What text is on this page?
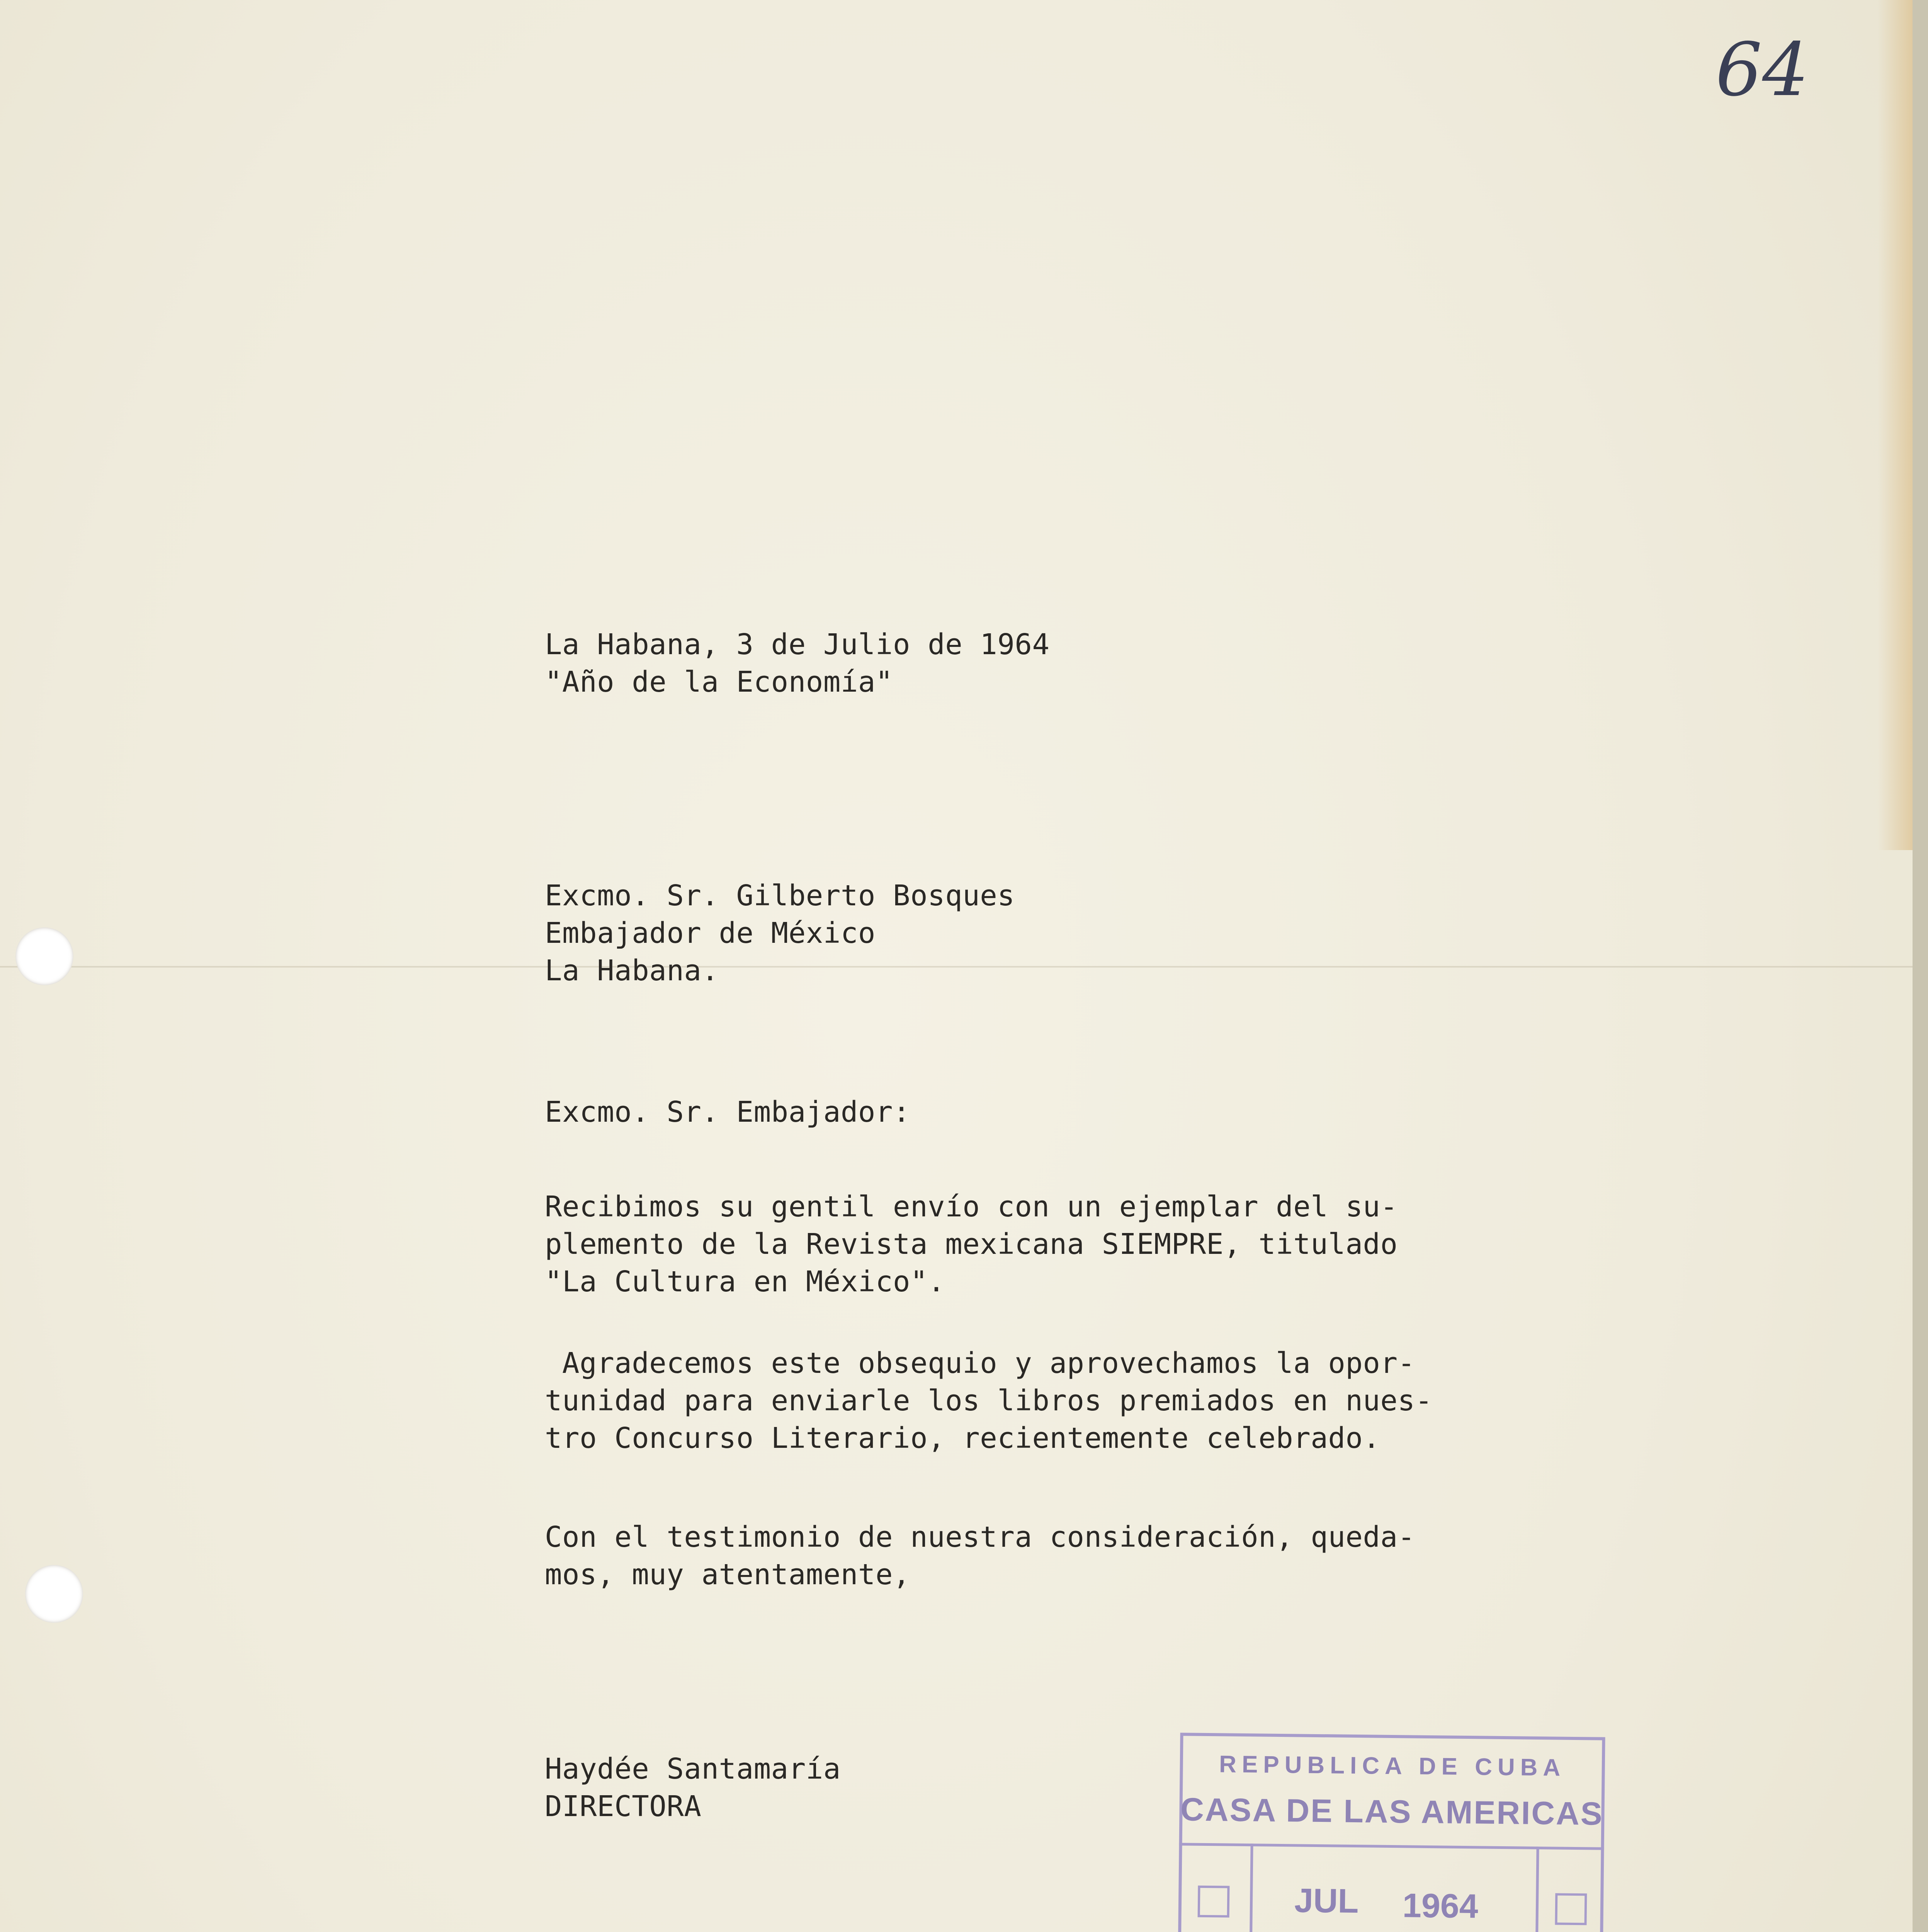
64
La Habana, 3 de Julio de 1964
"Año de la Economía"
Excmo. Sr. Gilberto Bosques
Embajador de México
La Habana.
Excmo. Sr. Embajador:
Recibimos su gentil envío con un ejemplar del su-
plemento de la Revista mexicana SIEMPRE, titulado
"La Cultura en México".
Agradecemos este obsequio y aprovechamos la opor-
tunidad para enviarle los libros premiados en nues-
tro Concurso Literario, recientemente celebrado.
Con el testimonio de nuestra consideración, queda-
mos, muy atentamente,
Haydée Santamaría
DIRECTORA
REPUBLICA DE CUBA
CASA DE LAS AMERICAS
JUL 1964
